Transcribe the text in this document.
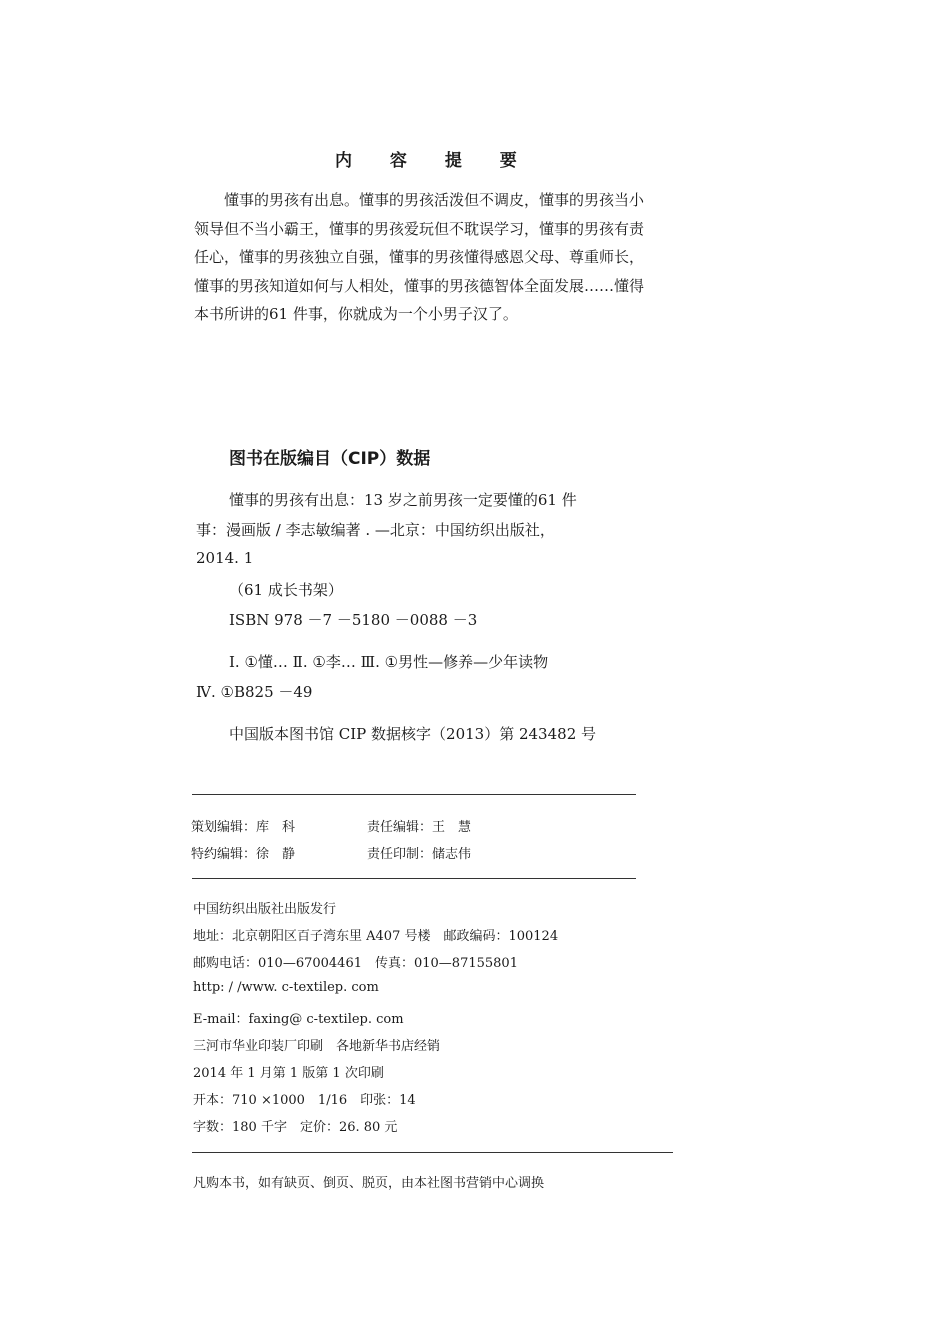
内 容 提 要
懂事的男孩有出息。懂事的男孩活泼但不调皮，懂事的男孩当小领导但不当小霸王，懂事的男孩爱玩但不耽误学习，懂事的男孩有责任心，懂事的男孩独立自强，懂事的男孩懂得感恩父母、尊重师长，懂事的男孩知道如何与人相处，懂事的男孩德智体全面发展……懂得本书所讲的61 件事，你就成为一个小男子汉了。
图书在版编目（CIP）数据
懂事的男孩有出息：13 岁之前男孩一定要懂的61 件
事：漫画版 / 李志敏编著 . —北京：中国纺织出版社，
2014. 1
（61 成长书架）
ISBN 978 －7 －5180 －0088 －3
Ⅰ. ①懂… Ⅱ. ①李… Ⅲ. ①男性—修养—少年读物
Ⅳ. ①B825 －49
中国版本图书馆 CIP 数据核字（2013）第 243482 号
策划编辑：库　科	责任编辑：王　慧
特约编辑：徐　静	责任印制：储志伟
中国纺织出版社出版发行
地址：北京朝阳区百子湾东里 A407 号楼　邮政编码：100124
邮购电话：010—67004461　传真：010—87155801
http: / /www. c-textilep. com
E-mail：faxing@ c-textilep. com
三河市华业印装厂印刷　各地新华书店经销
2014 年 1 月第 1 版第 1 次印刷
开本：710 ×1000　1/16　印张：14
字数：180 千字　定价：26. 80 元
凡购本书，如有缺页、倒页、脱页，由本社图书营销中心调换
